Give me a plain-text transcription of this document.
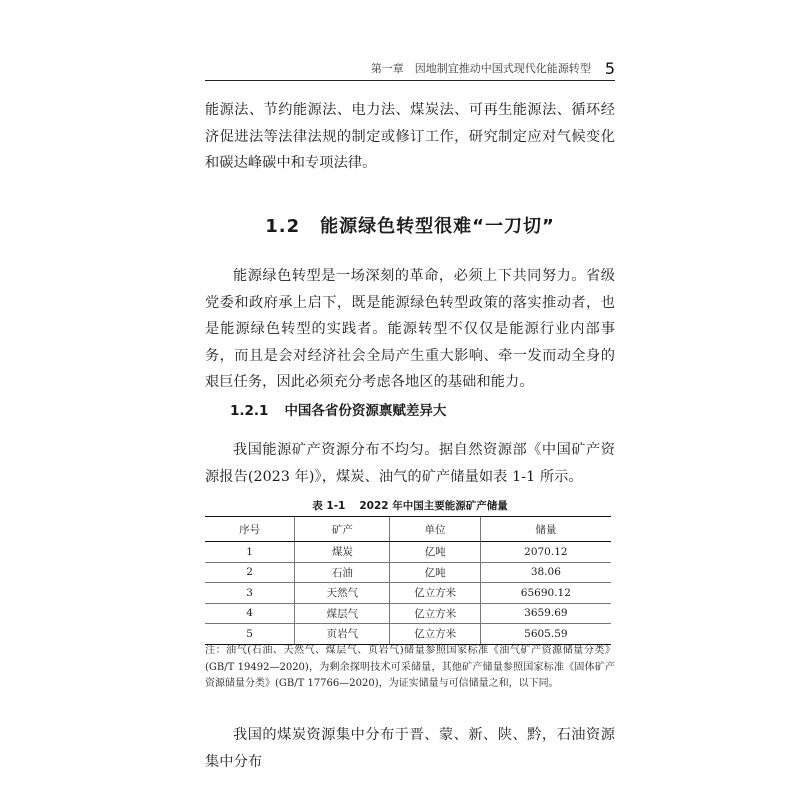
第一章　因地制宜推动中国式现代化能源转型 5

能源法、节约能源法、电力法、煤炭法、可再生能源法、循环经济促进法等法律法规的制定或修订工作，研究制定应对气候变化和碳达峰碳中和专项法律。

1.2 能源绿色转型很难“一刀切”

能源绿色转型是一场深刻的革命，必须上下共同努力。省级党委和政府承上启下，既是能源绿色转型政策的落实推动者，也是能源绿色转型的实践者。能源转型不仅仅是能源行业内部事务，而且是会对经济社会全局产生重大影响、牵一发而动全身的艰巨任务，因此必须充分考虑各地区的基础和能力。

1.2.1 中国各省份资源禀赋差异大

我国能源矿产资源分布不均匀。据自然资源部《中国矿产资源报告(2023 年)》，煤炭、油气的矿产储量如表 1-1 所示。

表 1-1 2022 年中国主要能源矿产储量
序号	矿产	单位	储量
1	煤炭	亿吨	2070.12
2	石油	亿吨	38.06
3	天然气	亿立方米	65690.12
4	煤层气	亿立方米	3659.69
5	页岩气	亿立方米	5605.59

注：油气(石油、天然气、煤层气、页岩气)储量参照国家标准《油气矿产资源储量分类》(GB/T 19492—2020)，为剩余探明技术可采储量，其他矿产储量参照国家标准《固体矿产资源储量分类》(GB/T 17766—2020)，为证实储量与可信储量之和，以下同。

我国的煤炭资源集中分布于晋、蒙、新、陕、黔，石油资源集中分布
